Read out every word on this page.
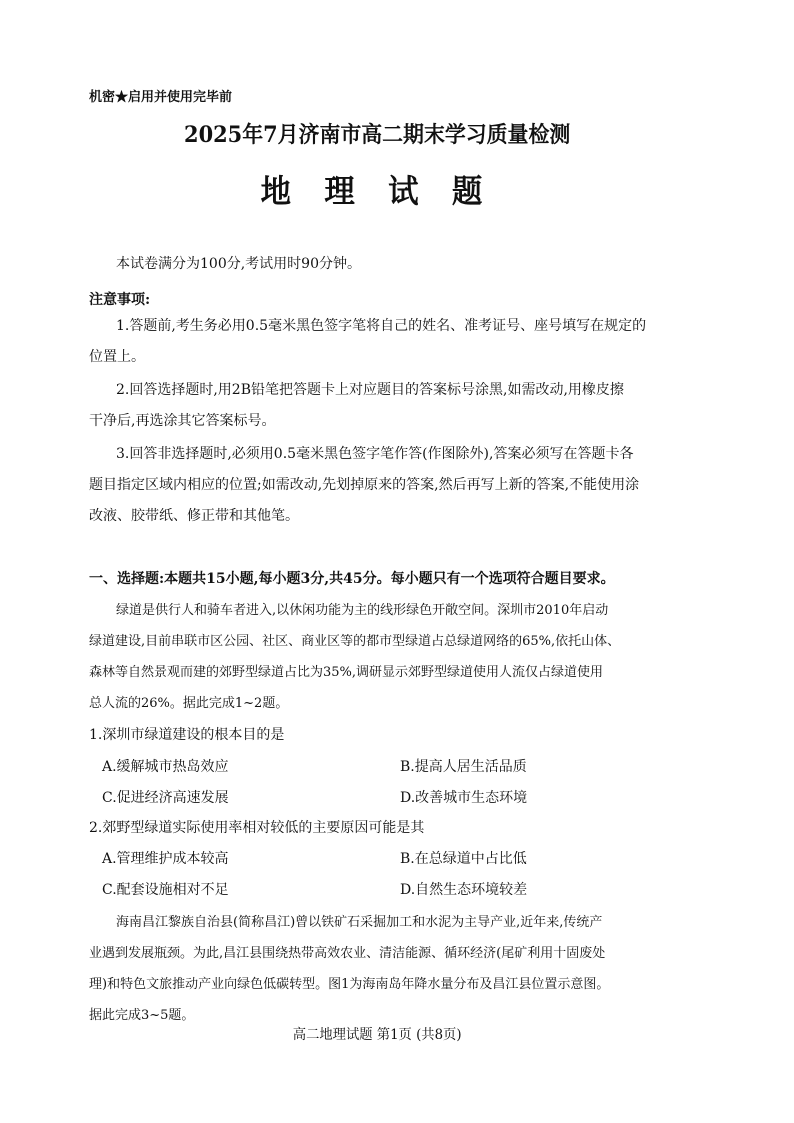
机密★启用并使用完毕前
2025年7月济南市高二期末学习质量检测
地 理 试 题
本试卷满分为100分,考试用时90分钟。
注意事项:
1.答题前,考生务必用0.5毫米黑色签字笔将自己的姓名、准考证号、座号填写在规定的
位置上。
2.回答选择题时,用2B铅笔把答题卡上对应题目的答案标号涂黑,如需改动,用橡皮擦
干净后,再选涂其它答案标号。
3.回答非选择题时,必须用0.5毫米黑色签字笔作答(作图除外),答案必须写在答题卡各
题目指定区域内相应的位置;如需改动,先划掉原来的答案,然后再写上新的答案,不能使用涂
改液、胶带纸、修正带和其他笔。
一、选择题:本题共15小题,每小题3分,共45分。每小题只有一个选项符合题目要求。
绿道是供行人和骑车者进入,以休闲功能为主的线形绿色开敞空间。深圳市2010年启动
绿道建设,目前串联市区公园、社区、商业区等的都市型绿道占总绿道网络的65%,依托山体、
森林等自然景观而建的郊野型绿道占比为35%,调研显示郊野型绿道使用人流仅占绿道使用
总人流的26%。据此完成1~2题。
1.深圳市绿道建设的根本目的是
A.缓解城市热岛效应	B.提高人居生活品质
C.促进经济高速发展	D.改善城市生态环境
2.郊野型绿道实际使用率相对较低的主要原因可能是其
A.管理维护成本较高	B.在总绿道中占比低
C.配套设施相对不足	D.自然生态环境较差
海南昌江黎族自治县(简称昌江)曾以铁矿石采掘加工和水泥为主导产业,近年来,传统产
业遇到发展瓶颈。为此,昌江县围绕热带高效农业、清洁能源、循环经济(尾矿利用十固废处
理)和特色文旅推动产业向绿色低碳转型。图1为海南岛年降水量分布及昌江县位置示意图。
据此完成3~5题。
高二地理试题 第1页 (共8页)
